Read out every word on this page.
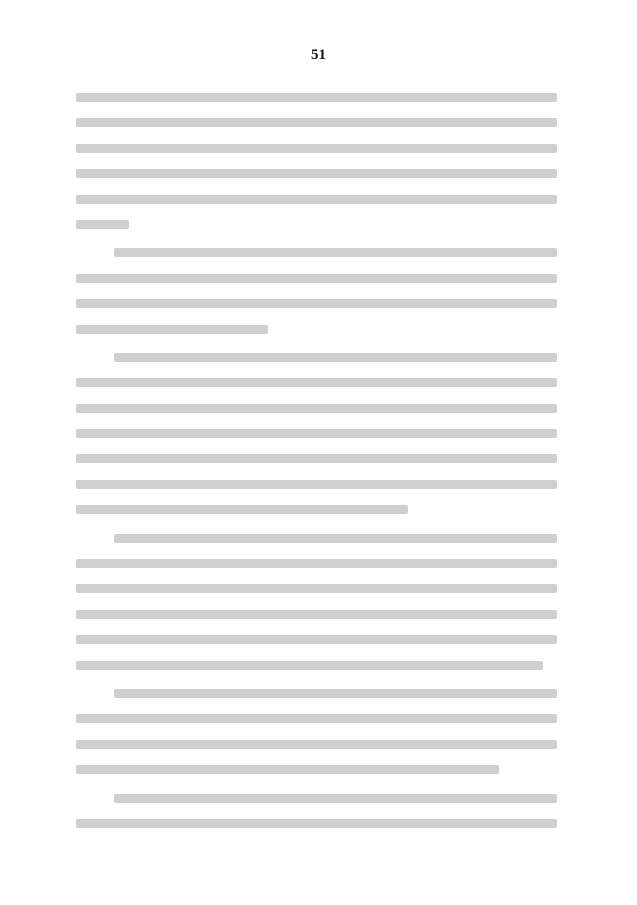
51
